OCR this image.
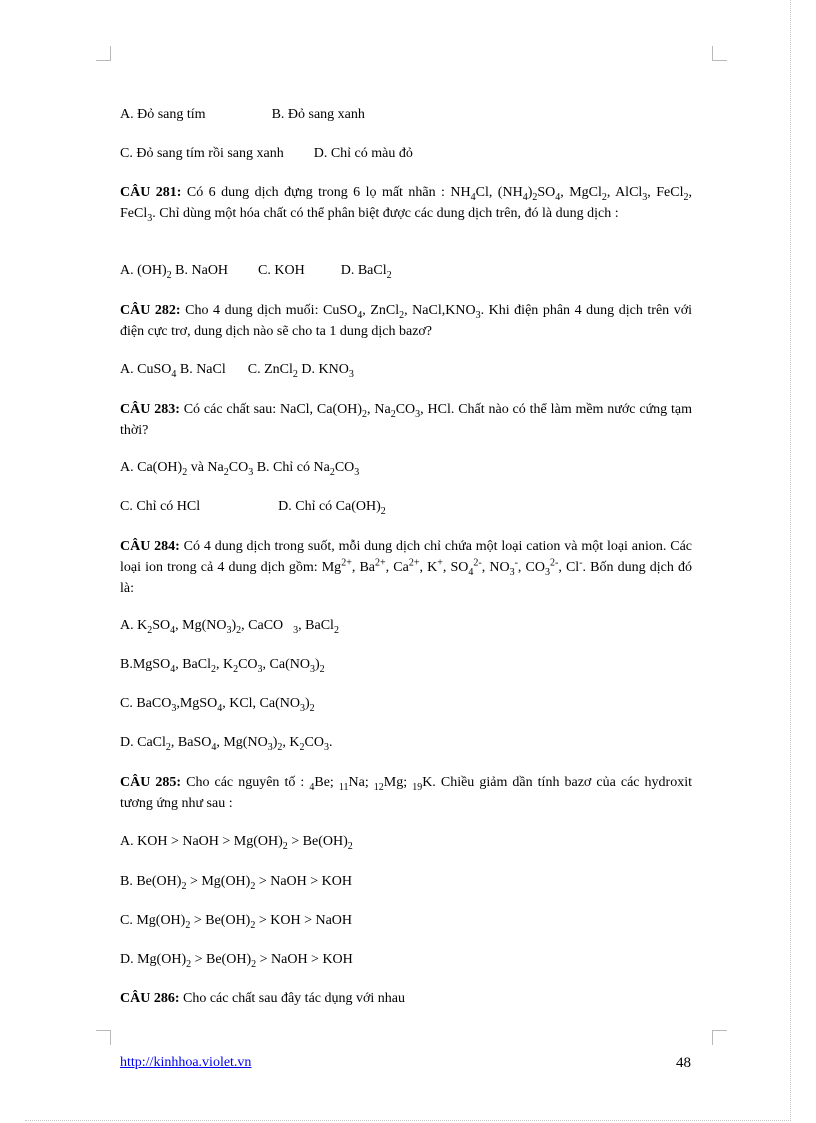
A. Đỏ sang tím	B. Đỏ sang xanh
C. Đỏ sang tím rồi sang xanh D. Chỉ có màu đỏ
CÂU 281: Có 6 dung dịch đựng trong 6 lọ mất nhãn : $NH_4Cl$, $(NH_4)_2SO_4$, MgCl$_2$, AlCl$_3$, FeCl$_2$, FeCl$_3$. Chỉ dùng một hóa chất có thể phân biệt được các dung dịch trên, đó là dung dịch :
A. $(OH)_2$ B. NaOH C. KOH	D. BaCl$_2$
CÂU 282: Cho 4 dung dịch muối: CuSO$_4$, ZnCl$_2$, $NaCl,KNO_3$. Khi điện phân 4 dung dịch trên với điện cực trơ, dung dịch nào sẽ cho ta 1 dung dịch bazơ?
A. CuSO$_4$ B. NaCl C. ZnCl$_2$ D. $KNO_3$
CÂU 283: Có các chất sau: NaCl, $Ca(OH)_2$, $Na_2CO_3$, HCl. Chất nào có thể làm mềm nước cứng tạm thời?
A. $Ca(OH)_2$ và $Na_2CO_3$ B. Chỉ có $Na_2CO_3$
C. Chỉ có HCl	D. Chỉ có $Ca(OH)_2$
CÂU 284: Có 4 dung dịch trong suốt, mỗi dung dịch chỉ chứa một loại cation và một loại anion. Các loại ion trong cả 4 dung dịch gồm: $Mg^{2+}$, $Ba^{2+}$, $Ca^{2+}$, K+, $SO_4^{2-}$, $NO_3^-$, $CO_3^{2-}$, Cl-. Bốn dung dịch đó là:
A. $K_2SO_4$, $Mg(NO_3)_2$, CaCO $_3$, BaCl$_2$
B.MgSO$_4$, BaCl$_2$, $K_2CO_3$, $Ca(NO_3)_2$
C. BaCO$_3$,MgSO$_4$, KCl, $Ca(NO_3)_2$
D. CaCl$_2$, BaSO$_4$, $Mg(NO_3)_2$, $K_2CO_3$.
CÂU 285: Cho các nguyên tố : $_4$Be; $_{11}$Na; $_{12}$Mg; $_{19}$K. Chiều giảm dần tính bazơ của các hydroxit tương ứng như sau :
A. KOH > NaOH > $Mg(OH)_2 > Be(OH)_2$
B. $Be(OH)_2 > Mg(OH)_2$ > NaOH > KOH
C. $Mg(OH)_2 > Be(OH)_2$ > KOH > NaOH
D. $Mg(OH)_2 > Be(OH)_2$ > NaOH > KOH
CÂU 286: Cho các chất sau đây tác dụng với nhau
http://kinhhoa.violet.vn	48
